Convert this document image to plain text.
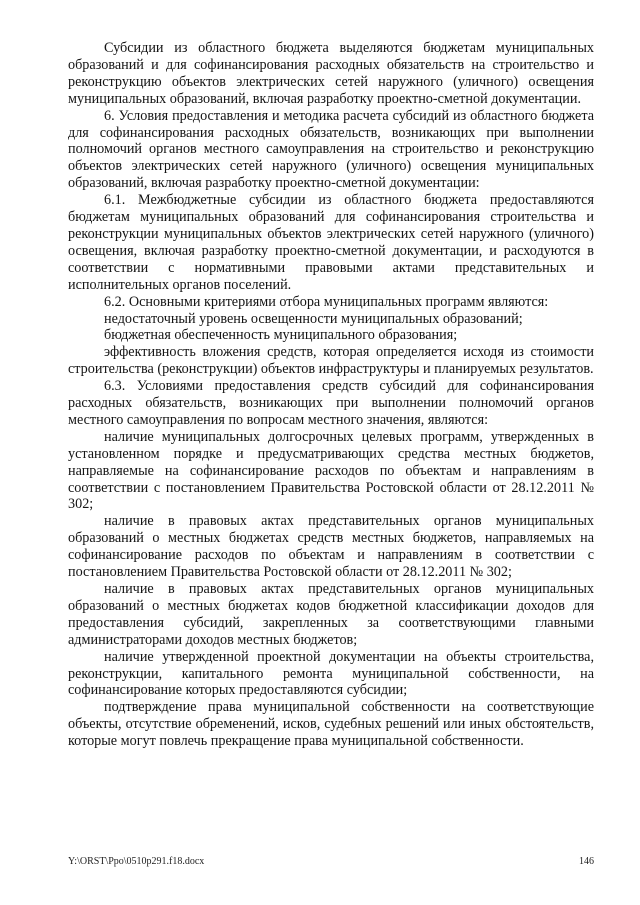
Субсидии из областного бюджета выделяются бюджетам муниципальных образований и для софинансирования расходных обязательств на строительство и реконструкцию объектов электрических сетей наружного (уличного) освещения муниципальных образований, включая разработку проектно-сметной документации.

6. Условия предоставления и методика расчета субсидий из областного бюджета для софинансирования расходных обязательств, возникающих при выполнении полномочий органов местного самоуправления на строительство и реконструкцию объектов электрических сетей наружного (уличного) освещения муниципальных образований, включая разработку проектно-сметной документации:

6.1. Межбюджетные субсидии из областного бюджета предоставляются бюджетам муниципальных образований для софинансирования строительства и реконструкции муниципальных объектов электрических сетей наружного (уличного) освещения, включая разработку проектно-сметной документации, и расходуются в соответствии с нормативными правовыми актами представительных и исполнительных органов поселений.

6.2. Основными критериями отбора муниципальных программ являются:

недостаточный уровень освещенности муниципальных образований;

бюджетная обеспеченность муниципального образования;

эффективность вложения средств, которая определяется исходя из стоимости строительства (реконструкции) объектов инфраструктуры и планируемых результатов.

6.3. Условиями предоставления средств субсидий для софинансирования расходных обязательств, возникающих при выполнении полномочий органов местного самоуправления по вопросам местного значения, являются:

наличие муниципальных долгосрочных целевых программ, утвержденных в установленном порядке и предусматривающих средства местных бюджетов, направляемые на софинансирование расходов по объектам и направлениям в соответствии с постановлением Правительства Ростовской области от 28.12.2011 № 302;

наличие в правовых актах представительных органов муниципальных образований о местных бюджетах средств местных бюджетов, направляемых на софинансирование расходов по объектам и направлениям в соответствии с постановлением Правительства Ростовской области от 28.12.2011 № 302;

наличие в правовых актах представительных органов муниципальных образований о местных бюджетах кодов бюджетной классификации доходов для предоставления субсидий, закрепленных за соответствующими главными администраторами доходов местных бюджетов;

наличие утвержденной проектной документации на объекты строительства, реконструкции, капитального ремонта муниципальной собственности, на софинансирование которых предоставляются субсидии;

подтверждение права муниципальной собственности на соответствующие объекты, отсутствие обременений, исков, судебных решений или иных обстоятельств, которые могут повлечь прекращение права муниципальной собственности.

Y:\ORST\Ppo\0510p291.f18.docx	146
